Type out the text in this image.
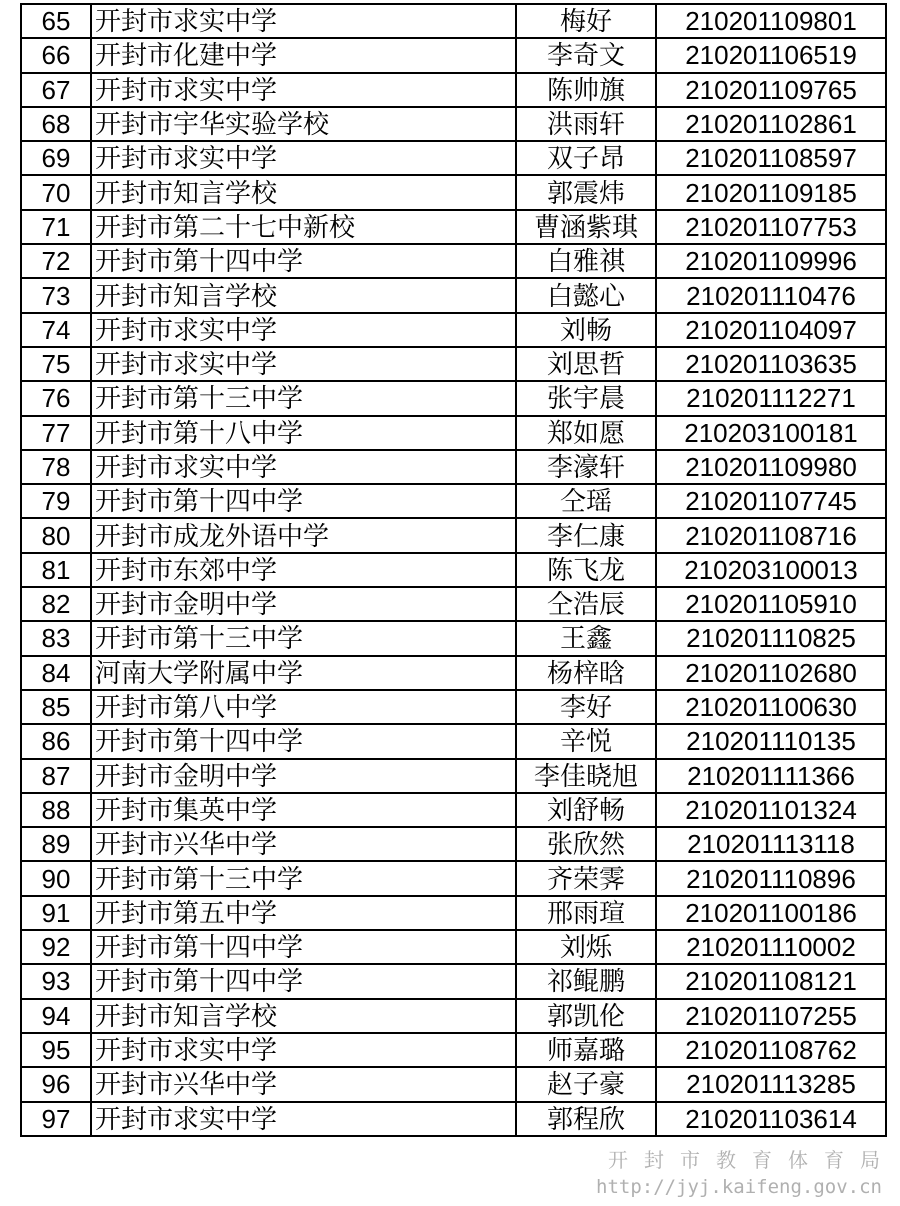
65	开封市求实中学	梅好	210201109801
66	开封市化建中学	李奇文	210201106519
67	开封市求实中学	陈帅旗	210201109765
68	开封市宇华实验学校	洪雨轩	210201102861
69	开封市求实中学	双子昂	210201108597
70	开封市知言学校	郭震炜	210201109185
71	开封市第二十七中新校	曹涵紫琪	210201107753
72	开封市第十四中学	白雅祺	210201109996
73	开封市知言学校	白懿心	210201110476
74	开封市求实中学	刘畅	210201104097
75	开封市求实中学	刘思哲	210201103635
76	开封市第十三中学	张宇晨	210201112271
77	开封市第十八中学	郑如愿	210203100181
78	开封市求实中学	李濠轩	210201109980
79	开封市第十四中学	仝瑶	210201107745
80	开封市成龙外语中学	李仁康	210201108716
81	开封市东郊中学	陈飞龙	210203100013
82	开封市金明中学	仝浩辰	210201105910
83	开封市第十三中学	王鑫	210201110825
84	河南大学附属中学	杨梓晗	210201102680
85	开封市第八中学	李好	210201100630
86	开封市第十四中学	辛悦	210201110135
87	开封市金明中学	李佳晓旭	210201111366
88	开封市集英中学	刘舒畅	210201101324
89	开封市兴华中学	张欣然	210201113118
90	开封市第十三中学	齐荣霁	210201110896
91	开封市第五中学	邢雨瑄	210201100186
92	开封市第十四中学	刘烁	210201110002
93	开封市第十四中学	祁鲲鹏	210201108121
94	开封市知言学校	郭凯伦	210201107255
95	开封市求实中学	师嘉璐	210201108762
96	开封市兴华中学	赵子豪	210201113285
97	开封市求实中学	郭程欣	210201103614
开封市教育体育局
http://jyj.kaifeng.gov.cn
